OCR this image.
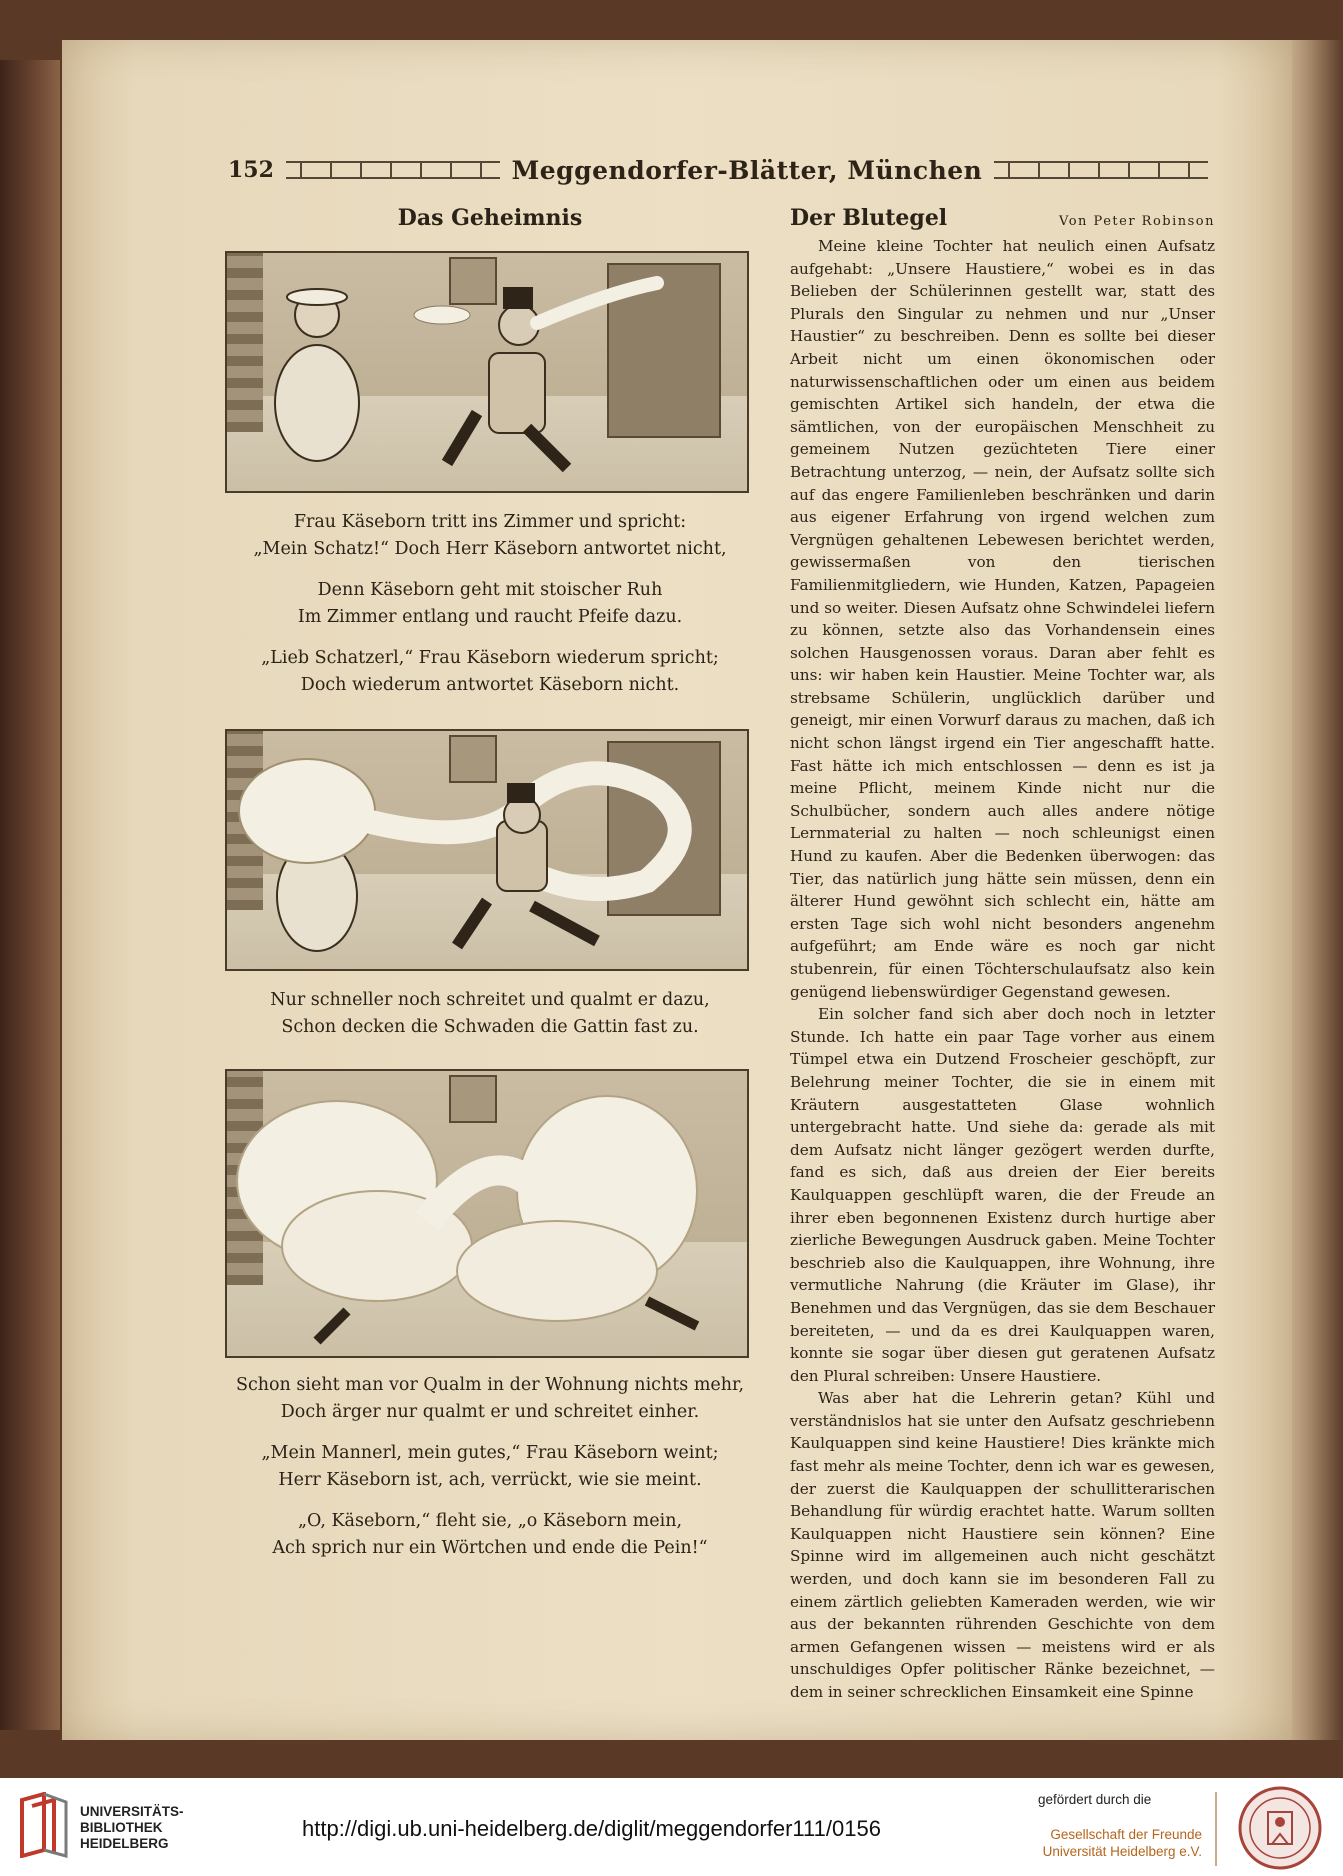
152	Meggendorfer-Blätter, München
Das Geheimnis

Frau Käseborn tritt ins Zimmer und spricht:

„Mein Schatz!“ Doch Herr Käseborn antwortet nicht,

Denn Käseborn geht mit stoischer Ruh

Im Zimmer entlang und raucht Pfeife dazu.

„Lieb Schatzerl,“ Frau Käseborn wiederum spricht;

Doch wiederum antwortet Käseborn nicht.

Nur schneller noch schreitet und qualmt er dazu,

Schon decken die Schwaden die Gattin fast zu.

Schon sieht man vor Qualm in der Wohnung nichts mehr,

Doch ärger nur qualmt er und schreitet einher.

„Mein Mannerl, mein gutes,“ Frau Käseborn weint;

Herr Käseborn ist, ach, verrückt, wie sie meint.

„O, Käseborn,“ fleht sie, „o Käseborn mein,

Ach sprich nur ein Wörtchen und ende die Pein!“

Der Blutegel	Von Peter Robinson

Meine kleine Tochter hat neulich einen Aufsatz aufgehabt: „Unsere Haustiere,“ wobei es in das Belieben der Schülerinnen gestellt war, statt des Plurals den Singular zu nehmen und nur „Unser Haustier“ zu beschreiben. Denn es sollte bei dieser Arbeit nicht um einen ökonomischen oder naturwissenschaftlichen oder um einen aus beidem gemischten Artikel sich handeln, der etwa die sämtlichen, von der europäischen Menschheit zu gemeinem Nutzen gezüchteten Tiere einer Betrachtung unterzog, — nein, der Aufsatz sollte sich auf das engere Familienleben beschränken und darin aus eigener Erfahrung von irgend welchen zum Vergnügen gehaltenen Lebewesen berichtet werden, gewissermaßen von den tierischen Familienmitgliedern, wie Hunden, Katzen, Papageien und so weiter. Diesen Aufsatz ohne Schwindelei liefern zu können, setzte also das Vorhandensein eines solchen Hausgenossen voraus. Daran aber fehlt es uns: wir haben kein Haustier. Meine Tochter war, als strebsame Schülerin, unglücklich darüber und geneigt, mir einen Vorwurf daraus zu machen, daß ich nicht schon längst irgend ein Tier angeschafft hatte. Fast hätte ich mich entschlossen — denn es ist ja meine Pflicht, meinem Kinde nicht nur die Schulbücher, sondern auch alles andere nötige Lernmaterial zu halten — noch schleunigst einen Hund zu kaufen. Aber die Bedenken überwogen: das Tier, das natürlich jung hätte sein müssen, denn ein älterer Hund gewöhnt sich schlecht ein, hätte am ersten Tage sich wohl nicht besonders angenehm aufgeführt; am Ende wäre es noch gar nicht stubenrein, für einen Töchterschulaufsatz also kein genügend liebenswürdiger Gegenstand gewesen.

Ein solcher fand sich aber doch noch in letzter Stunde. Ich hatte ein paar Tage vorher aus einem Tümpel etwa ein Dutzend Froscheier geschöpft, zur Belehrung meiner Tochter, die sie in einem mit Kräutern ausgestatteten Glase wohnlich untergebracht hatte. Und siehe da: gerade als mit dem Aufsatz nicht länger gezögert werden durfte, fand es sich, daß aus dreien der Eier bereits Kaulquappen geschlüpft waren, die der Freude an ihrer eben begonnenen Existenz durch hurtige aber zierliche Bewegungen Ausdruck gaben. Meine Tochter beschrieb also die Kaulquappen, ihre Wohnung, ihre vermutliche Nahrung (die Kräuter im Glase), ihr Benehmen und das Vergnügen, das sie dem Beschauer bereiteten, — und da es drei Kaulquappen waren, konnte sie sogar über diesen gut geratenen Aufsatz den Plural schreiben: Unsere Haustiere.

Was aber hat die Lehrerin getan? Kühl und verständnislos hat sie unter den Aufsatz geschriebenn Kaulquappen sind keine Haustiere! Dies kränkte mich fast mehr als meine Tochter, denn ich war es gewesen, der zuerst die Kaulquappen der schullitterarischen Behandlung für würdig erachtet hatte. Warum sollten Kaulquappen nicht Haustiere sein können? Eine Spinne wird im allgemeinen auch nicht geschätzt werden, und doch kann sie im besonderen Fall zu einem zärtlich geliebten Kameraden werden, wie wir aus der bekannten rührenden Geschichte von dem armen Gefangenen wissen — meistens wird er als unschuldiges Opfer politischer Ränke bezeichnet, — dem in seiner schrecklichen Einsamkeit eine Spinne

UNIVERSITÄTS-
BIBLIOTHEK
HEIDELBERG
http://digi.ub.uni-heidelberg.de/diglit/meggendorfer111/0156
gefördert durch die
Gesellschaft der Freunde
Universität Heidelberg e.V.
